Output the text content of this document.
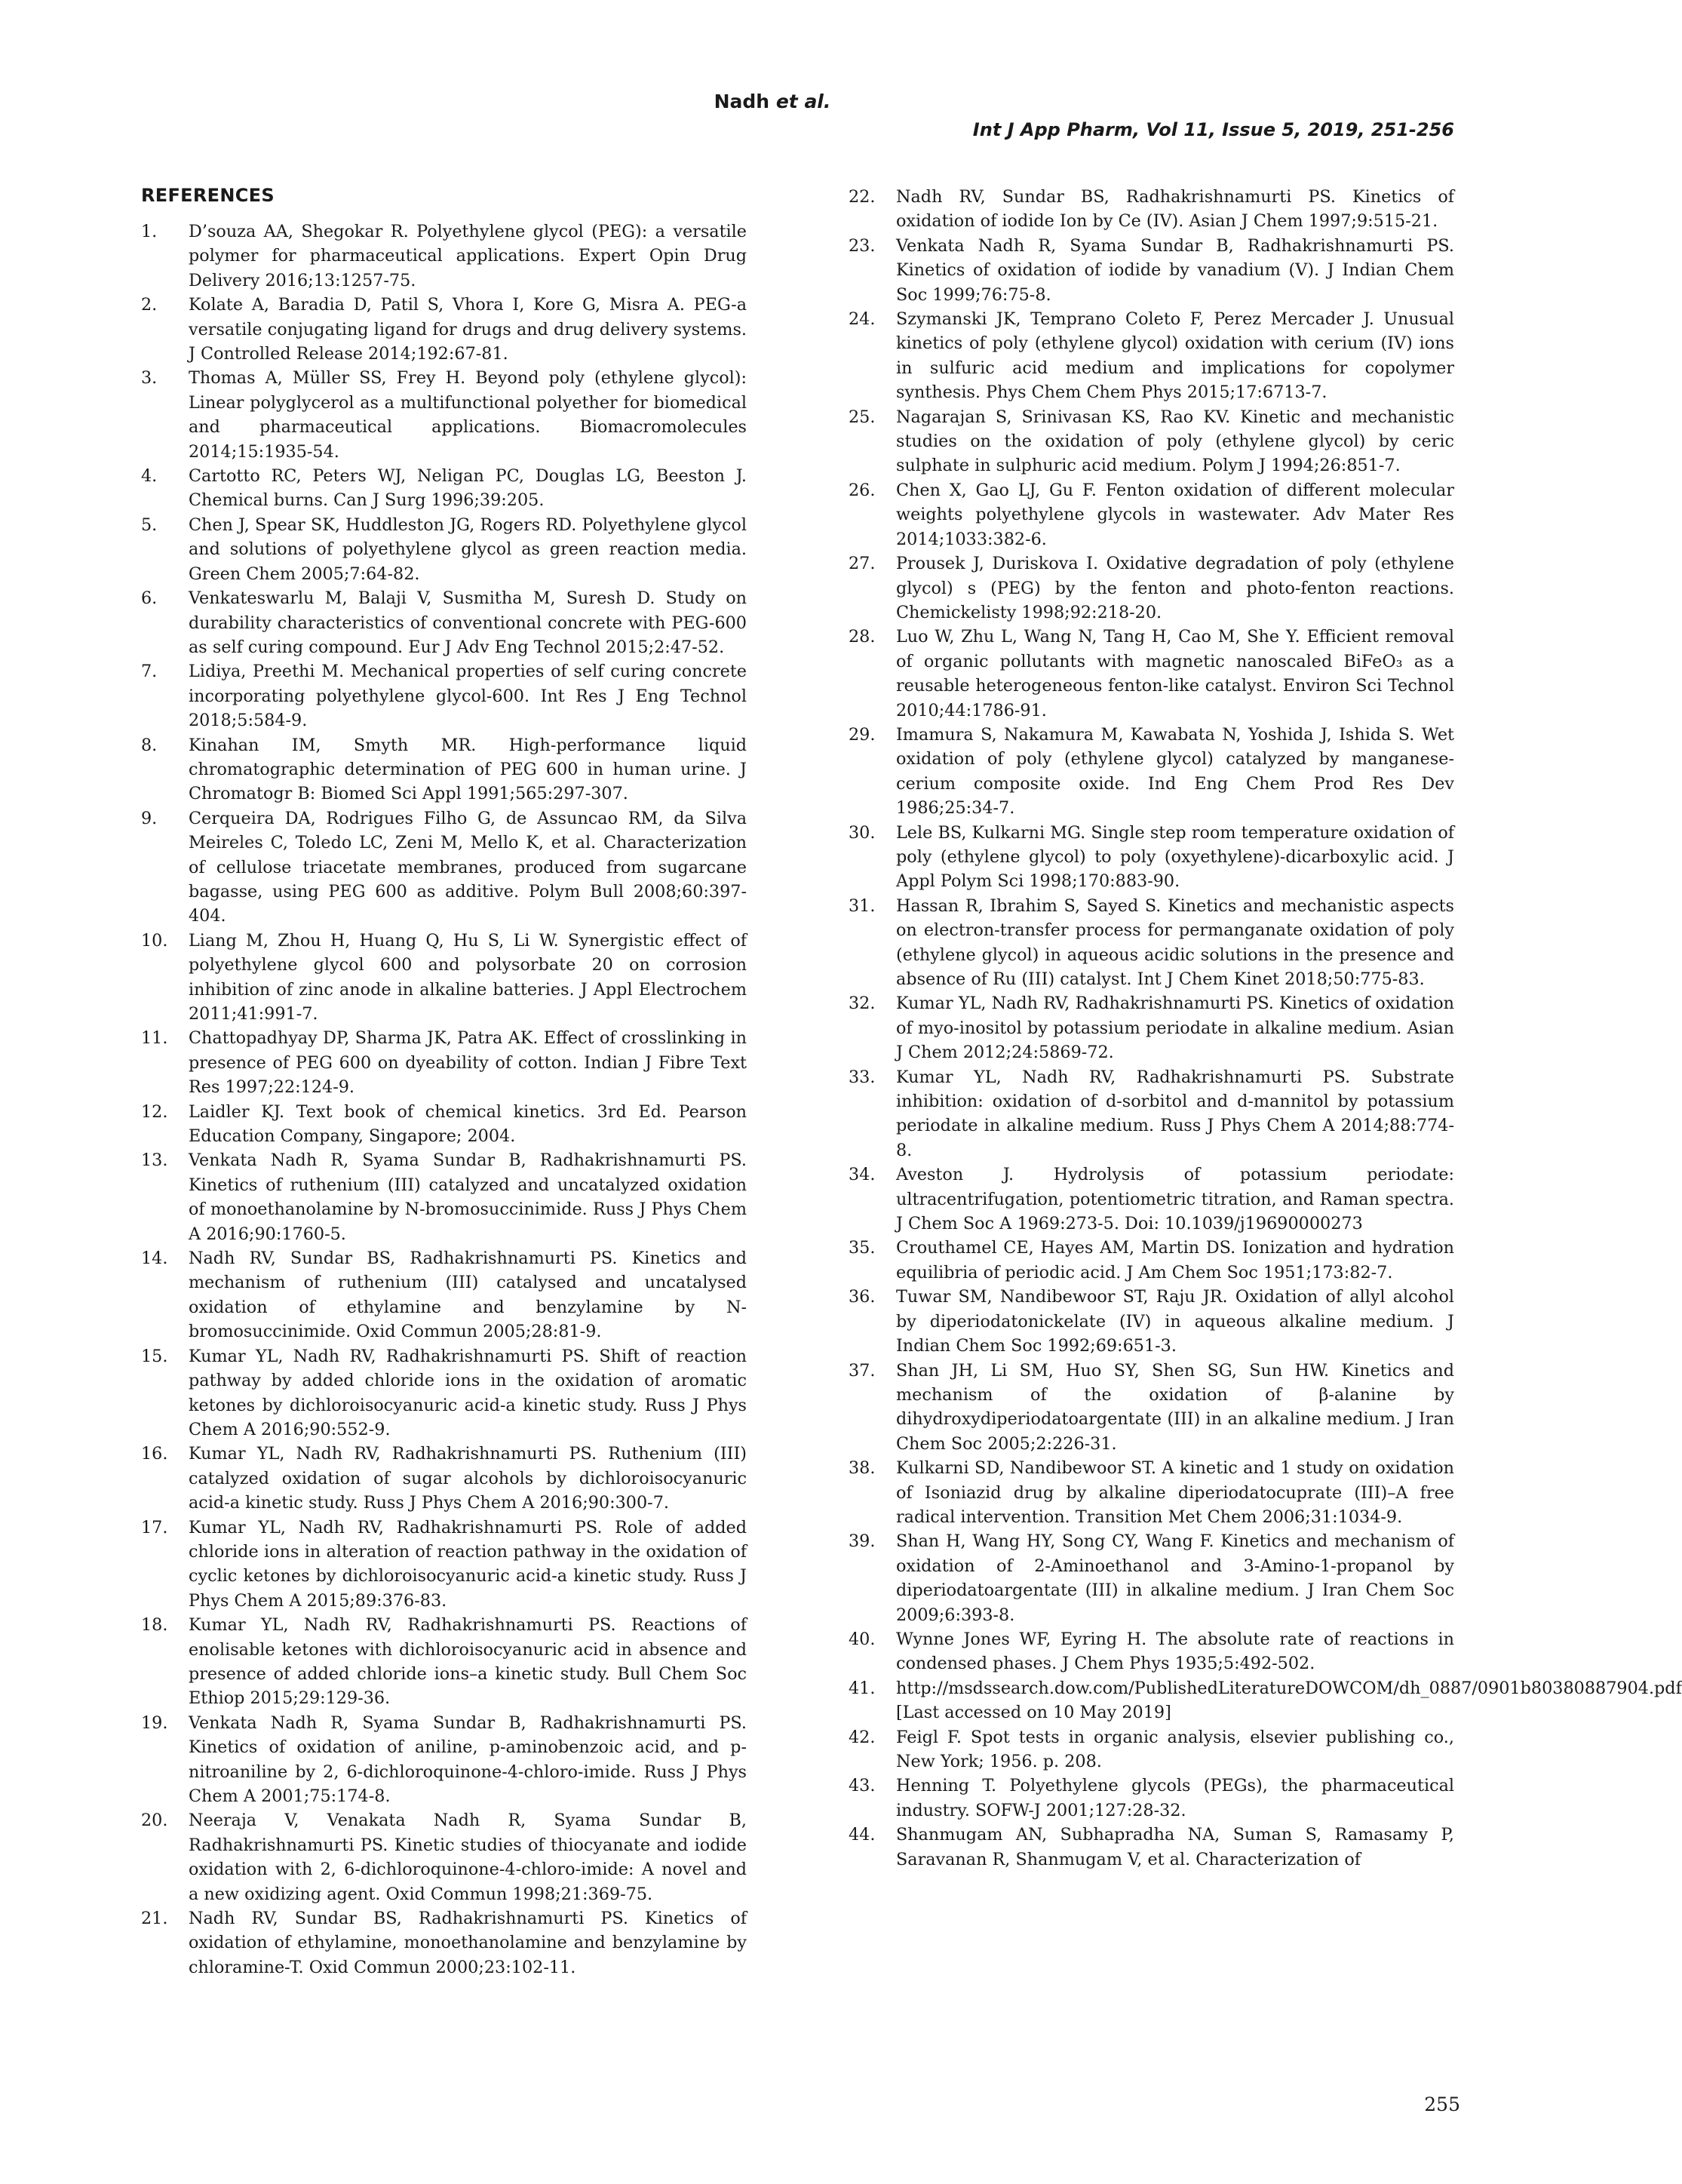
Nadh et al.
Int J App Pharm, Vol 11, Issue 5, 2019, 251-256
REFERENCES
1. D’souza AA, Shegokar R. Polyethylene glycol (PEG): a versatile polymer for pharmaceutical applications. Expert Opin Drug Delivery 2016;13:1257-75.
2. Kolate A, Baradia D, Patil S, Vhora I, Kore G, Misra A. PEG-a versatile conjugating ligand for drugs and drug delivery systems. J Controlled Release 2014;192:67-81.
3. Thomas A, Müller SS, Frey H. Beyond poly (ethylene glycol): Linear polyglycerol as a multifunctional polyether for biomedical and pharmaceutical applications. Biomacromolecules 2014;15:1935-54.
4. Cartotto RC, Peters WJ, Neligan PC, Douglas LG, Beeston J. Chemical burns. Can J Surg 1996;39:205.
5. Chen J, Spear SK, Huddleston JG, Rogers RD. Polyethylene glycol and solutions of polyethylene glycol as green reaction media. Green Chem 2005;7:64-82.
6. Venkateswarlu M, Balaji V, Susmitha M, Suresh D. Study on durability characteristics of conventional concrete with PEG-600 as self curing compound. Eur J Adv Eng Technol 2015;2:47-52.
7. Lidiya, Preethi M. Mechanical properties of self curing concrete incorporating polyethylene glycol-600. Int Res J Eng Technol 2018;5:584-9.
8. Kinahan IM, Smyth MR. High-performance liquid chromatographic determination of PEG 600 in human urine. J Chromatogr B: Biomed Sci Appl 1991;565:297-307.
9. Cerqueira DA, Rodrigues Filho G, de Assuncao RM, da Silva Meireles C, Toledo LC, Zeni M, Mello K, et al. Characterization of cellulose triacetate membranes, produced from sugarcane bagasse, using PEG 600 as additive. Polym Bull 2008;60:397-404.
10. Liang M, Zhou H, Huang Q, Hu S, Li W. Synergistic effect of polyethylene glycol 600 and polysorbate 20 on corrosion inhibition of zinc anode in alkaline batteries. J Appl Electrochem 2011;41:991-7.
11. Chattopadhyay DP, Sharma JK, Patra AK. Effect of crosslinking in presence of PEG 600 on dyeability of cotton. Indian J Fibre Text Res 1997;22:124-9.
12. Laidler KJ. Text book of chemical kinetics. 3rd Ed. Pearson Education Company, Singapore; 2004.
13. Venkata Nadh R, Syama Sundar B, Radhakrishnamurti PS. Kinetics of ruthenium (III) catalyzed and uncatalyzed oxidation of monoethanolamine by N-bromosuccinimide. Russ J Phys Chem A 2016;90:1760-5.
14. Nadh RV, Sundar BS, Radhakrishnamurti PS. Kinetics and mechanism of ruthenium (III) catalysed and uncatalysed oxidation of ethylamine and benzylamine by N-bromosuccinimide. Oxid Commun 2005;28:81-9.
15. Kumar YL, Nadh RV, Radhakrishnamurti PS. Shift of reaction pathway by added chloride ions in the oxidation of aromatic ketones by dichloroisocyanuric acid-a kinetic study. Russ J Phys Chem A 2016;90:552-9.
16. Kumar YL, Nadh RV, Radhakrishnamurti PS. Ruthenium (III) catalyzed oxidation of sugar alcohols by dichloroisocyanuric acid-a kinetic study. Russ J Phys Chem A 2016;90:300-7.
17. Kumar YL, Nadh RV, Radhakrishnamurti PS. Role of added chloride ions in alteration of reaction pathway in the oxidation of cyclic ketones by dichloroisocyanuric acid-a kinetic study. Russ J Phys Chem A 2015;89:376-83.
18. Kumar YL, Nadh RV, Radhakrishnamurti PS. Reactions of enolisable ketones with dichloroisocyanuric acid in absence and presence of added chloride ions–a kinetic study. Bull Chem Soc Ethiop 2015;29:129-36.
19. Venkata Nadh R, Syama Sundar B, Radhakrishnamurti PS. Kinetics of oxidation of aniline, p-aminobenzoic acid, and p-nitroaniline by 2, 6-dichloroquinone-4-chloro-imide. Russ J Phys Chem A 2001;75:174-8.
20. Neeraja V, Venakata Nadh R, Syama Sundar B, Radhakrishnamurti PS. Kinetic studies of thiocyanate and iodide oxidation with 2, 6-dichloroquinone-4-chloro-imide: A novel and a new oxidizing agent. Oxid Commun 1998;21:369-75.
21. Nadh RV, Sundar BS, Radhakrishnamurti PS. Kinetics of oxidation of ethylamine, monoethanolamine and benzylamine by chloramine-T. Oxid Commun 2000;23:102-11.
22. Nadh RV, Sundar BS, Radhakrishnamurti PS. Kinetics of oxidation of iodide Ion by Ce (IV). Asian J Chem 1997;9:515-21.
23. Venkata Nadh R, Syama Sundar B, Radhakrishnamurti PS. Kinetics of oxidation of iodide by vanadium (V). J Indian Chem Soc 1999;76:75-8.
24. Szymanski JK, Temprano Coleto F, Perez Mercader J. Unusual kinetics of poly (ethylene glycol) oxidation with cerium (IV) ions in sulfuric acid medium and implications for copolymer synthesis. Phys Chem Chem Phys 2015;17:6713-7.
25. Nagarajan S, Srinivasan KS, Rao KV. Kinetic and mechanistic studies on the oxidation of poly (ethylene glycol) by ceric sulphate in sulphuric acid medium. Polym J 1994;26:851-7.
26. Chen X, Gao LJ, Gu F. Fenton oxidation of different molecular weights polyethylene glycols in wastewater. Adv Mater Res 2014;1033:382-6.
27. Prousek J, Duriskova I. Oxidative degradation of poly (ethylene glycol) s (PEG) by the fenton and photo-fenton reactions. Chemickelisty 1998;92:218-20.
28. Luo W, Zhu L, Wang N, Tang H, Cao M, She Y. Efficient removal of organic pollutants with magnetic nanoscaled BiFeO₃ as a reusable heterogeneous fenton-like catalyst. Environ Sci Technol 2010;44:1786-91.
29. Imamura S, Nakamura M, Kawabata N, Yoshida J, Ishida S. Wet oxidation of poly (ethylene glycol) catalyzed by manganese-cerium composite oxide. Ind Eng Chem Prod Res Dev 1986;25:34-7.
30. Lele BS, Kulkarni MG. Single step room temperature oxidation of poly (ethylene glycol) to poly (oxyethylene)-dicarboxylic acid. J Appl Polym Sci 1998;170:883-90.
31. Hassan R, Ibrahim S, Sayed S. Kinetics and mechanistic aspects on electron-transfer process for permanganate oxidation of poly (ethylene glycol) in aqueous acidic solutions in the presence and absence of Ru (III) catalyst. Int J Chem Kinet 2018;50:775-83.
32. Kumar YL, Nadh RV, Radhakrishnamurti PS. Kinetics of oxidation of myo-inositol by potassium periodate in alkaline medium. Asian J Chem 2012;24:5869-72.
33. Kumar YL, Nadh RV, Radhakrishnamurti PS. Substrate inhibition: oxidation of d-sorbitol and d-mannitol by potassium periodate in alkaline medium. Russ J Phys Chem A 2014;88:774-8.
34. Aveston J. Hydrolysis of potassium periodate: ultracentrifugation, potentiometric titration, and Raman spectra. J Chem Soc A 1969:273-5. Doi: 10.1039/j19690000273
35. Crouthamel CE, Hayes AM, Martin DS. Ionization and hydration equilibria of periodic acid. J Am Chem Soc 1951;173:82-7.
36. Tuwar SM, Nandibewoor ST, Raju JR. Oxidation of allyl alcohol by diperiodatonickelate (IV) in aqueous alkaline medium. J Indian Chem Soc 1992;69:651-3.
37. Shan JH, Li SM, Huo SY, Shen SG, Sun HW. Kinetics and mechanism of the oxidation of β-alanine by dihydroxydiperiodatoargentate (III) in an alkaline medium. J Iran Chem Soc 2005;2:226-31.
38. Kulkarni SD, Nandibewoor ST. A kinetic and 1 study on oxidation of Isoniazid drug by alkaline diperiodatocuprate (III)–A free radical intervention. Transition Met Chem 2006;31:1034-9.
39. Shan H, Wang HY, Song CY, Wang F. Kinetics and mechanism of oxidation of 2-Aminoethanol and 3-Amino-1-propanol by diperiodatoargentate (III) in alkaline medium. J Iran Chem Soc 2009;6:393-8.
40. Wynne Jones WF, Eyring H. The absolute rate of reactions in condensed phases. J Chem Phys 1935;5:492-502.
41. http://msdssearch.dow.com/PublishedLiteratureDOWCOM/dh_0887/0901b80380887904.pdf [Last accessed on 10 May 2019]
42. Feigl F. Spot tests in organic analysis, elsevier publishing co., New York; 1956. p. 208.
43. Henning T. Polyethylene glycols (PEGs), the pharmaceutical industry. SOFW-J 2001;127:28-32.
44. Shanmugam AN, Subhapradha NA, Suman S, Ramasamy P, Saravanan R, Shanmugam V, et al. Characterization of
255
